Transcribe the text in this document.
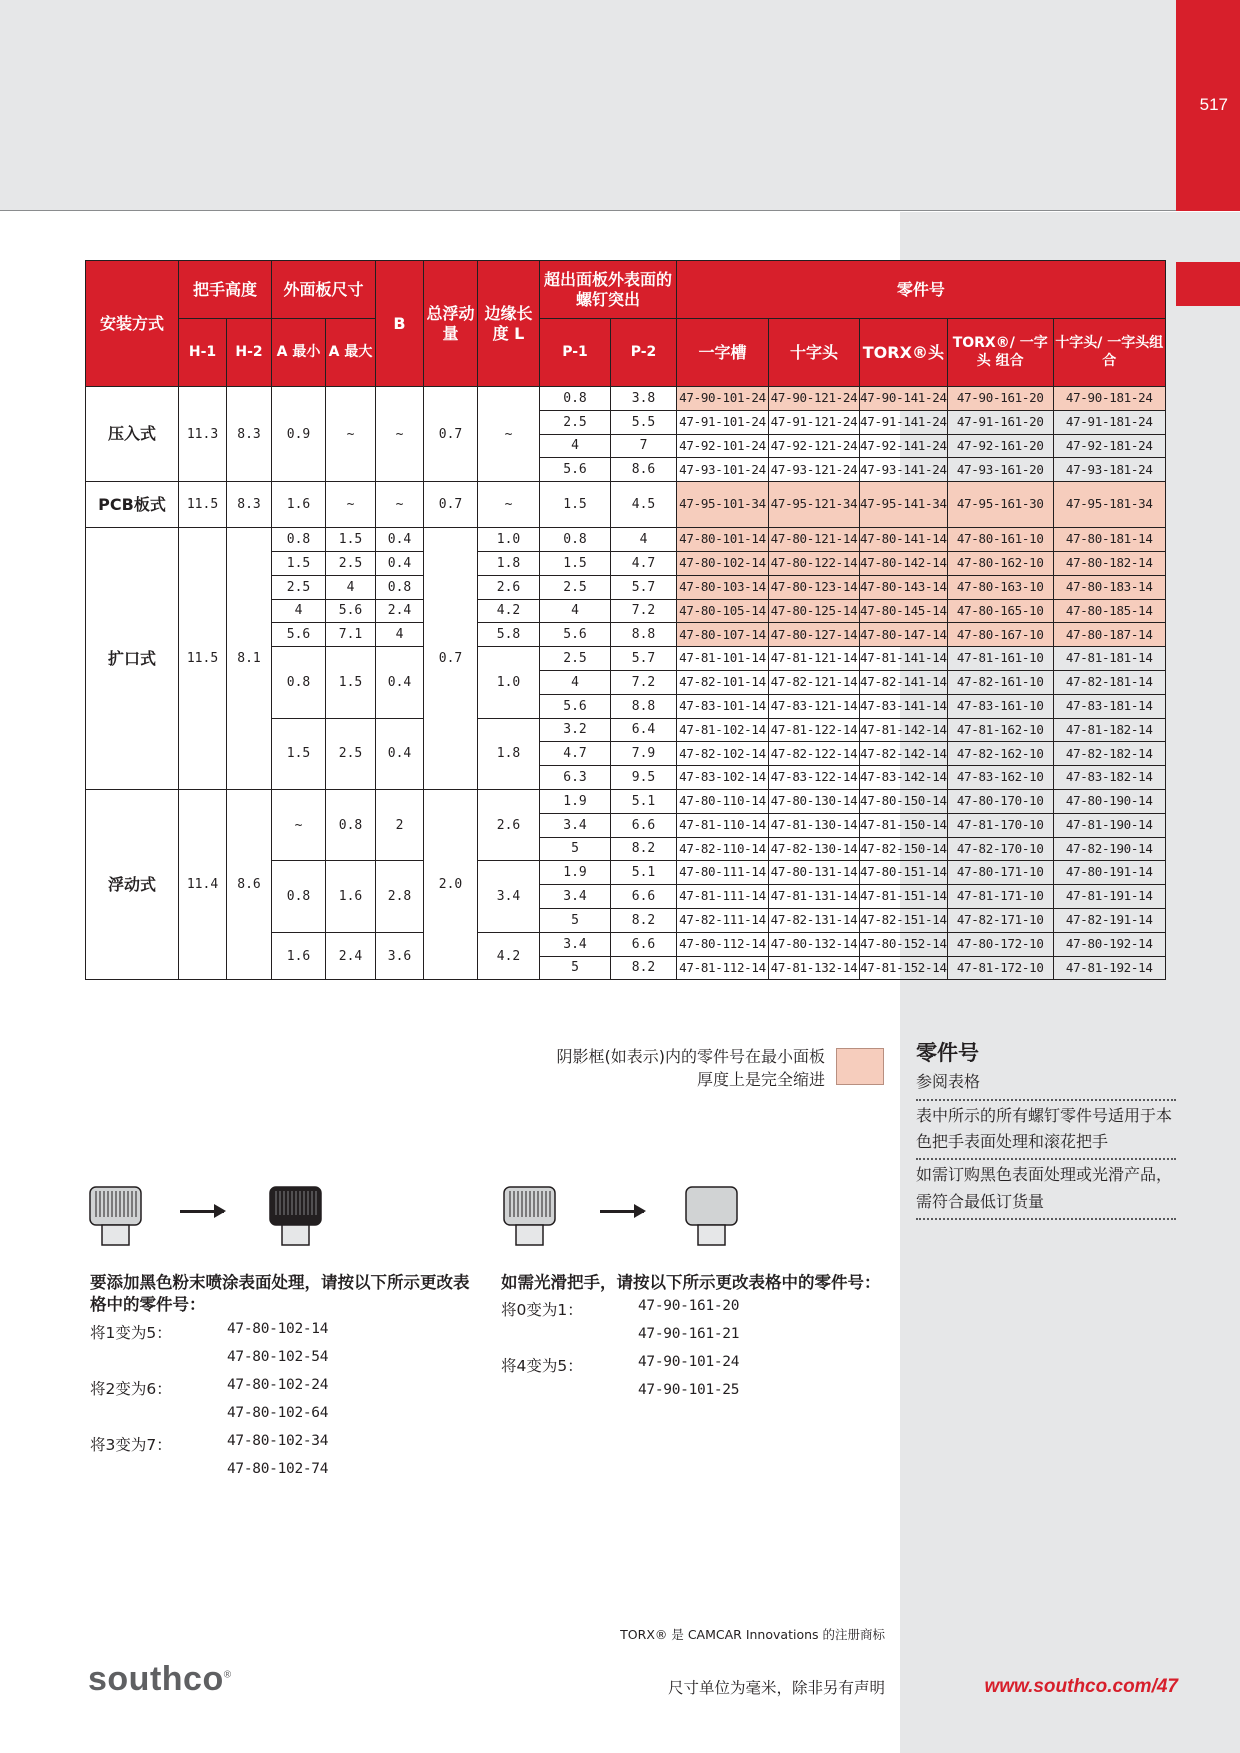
517
安装方式	把手高度		外面板尺寸		B	总浮动量	边缘长度 L	超出面板外表面的螺钉突出		零件号				
	H-1	H-2	A 最小	A 最大				P-1	P-2	一字槽	十字头	TORX®头	TORX®/ 一字头 组合	十字头/ 一字头组合
压入式	11.3	8.3	0.9	~	~	0.7	~	0.8	3.8	47-90-101-24	47-90-121-24	47-90-141-24	47-90-161-20	47-90-181-24
								2.5	5.5	47-91-101-24	47-91-121-24	47-91-141-24	47-91-161-20	47-91-181-24
								4	7	47-92-101-24	47-92-121-24	47-92-141-24	47-92-161-20	47-92-181-24
								5.6	8.6	47-93-101-24	47-93-121-24	47-93-141-24	47-93-161-20	47-93-181-24
PCB板式	11.5	8.3	1.6	~	~	0.7	~	1.5	4.5	47-95-101-34	47-95-121-34	47-95-141-34	47-95-161-30	47-95-181-34
扩口式	11.5	8.1	0.8	1.5	0.4	0.7	1.0	0.8	4	47-80-101-14	47-80-121-14	47-80-141-14	47-80-161-10	47-80-181-14
			1.5	2.5	0.4		1.8	1.5	4.7	47-80-102-14	47-80-122-14	47-80-142-14	47-80-162-10	47-80-182-14
			2.5	4	0.8		2.6	2.5	5.7	47-80-103-14	47-80-123-14	47-80-143-14	47-80-163-10	47-80-183-14
			4	5.6	2.4		4.2	4	7.2	47-80-105-14	47-80-125-14	47-80-145-14	47-80-165-10	47-80-185-14
			5.6	7.1	4		5.8	5.6	8.8	47-80-107-14	47-80-127-14	47-80-147-14	47-80-167-10	47-80-187-14
			0.8	1.5	0.4		1.0	2.5	5.7	47-81-101-14	47-81-121-14	47-81-141-14	47-81-161-10	47-81-181-14
								4	7.2	47-82-101-14	47-82-121-14	47-82-141-14	47-82-161-10	47-82-181-14
								5.6	8.8	47-83-101-14	47-83-121-14	47-83-141-14	47-83-161-10	47-83-181-14
			1.5	2.5	0.4		1.8	3.2	6.4	47-81-102-14	47-81-122-14	47-81-142-14	47-81-162-10	47-81-182-14
								4.7	7.9	47-82-102-14	47-82-122-14	47-82-142-14	47-82-162-10	47-82-182-14
								6.3	9.5	47-83-102-14	47-83-122-14	47-83-142-14	47-83-162-10	47-83-182-14
浮动式	11.4	8.6	~	0.8	2	2.0	2.6	1.9	5.1	47-80-110-14	47-80-130-14	47-80-150-14	47-80-170-10	47-80-190-14
								3.4	6.6	47-81-110-14	47-81-130-14	47-81-150-14	47-81-170-10	47-81-190-14
								5	8.2	47-82-110-14	47-82-130-14	47-82-150-14	47-82-170-10	47-82-190-14
			0.8	1.6	2.8		3.4	1.9	5.1	47-80-111-14	47-80-131-14	47-80-151-14	47-80-171-10	47-80-191-14
								3.4	6.6	47-81-111-14	47-81-131-14	47-81-151-14	47-81-171-10	47-81-191-14
								5	8.2	47-82-111-14	47-82-131-14	47-82-151-14	47-82-171-10	47-82-191-14
			1.6	2.4	3.6		4.2	3.4	6.6	47-80-112-14	47-80-132-14	47-80-152-14	47-80-172-10	47-80-192-14
								5	8.2	47-81-112-14	47-81-132-14	47-81-152-14	47-81-172-10	47-81-192-14
阴影框(如表示)内的零件号在最小面板
厚度上是完全缩进
零件号
参阅表格
表中所示的所有螺钉零件号适用于本色把手表面处理和滚花把手
如需订购黑色表面处理或光滑产品，需符合最低订货量
要添加黑色粉末喷涂表面处理，请按以下所示更改表格中的零件号：
将1变为5：	47-80-102-14
47-80-102-54
将2变为6：	47-80-102-24
47-80-102-64
将3变为7：	47-80-102-34
47-80-102-74
如需光滑把手，请按以下所示更改表格中的零件号：
将0变为1：	47-90-161-20
47-90-161-21
将4变为5：	47-90-101-24
47-90-101-25
TORX® 是 CAMCAR Innovations 的注册商标
尺寸单位为毫米，除非另有声明
southco®
www.southco.com/47
